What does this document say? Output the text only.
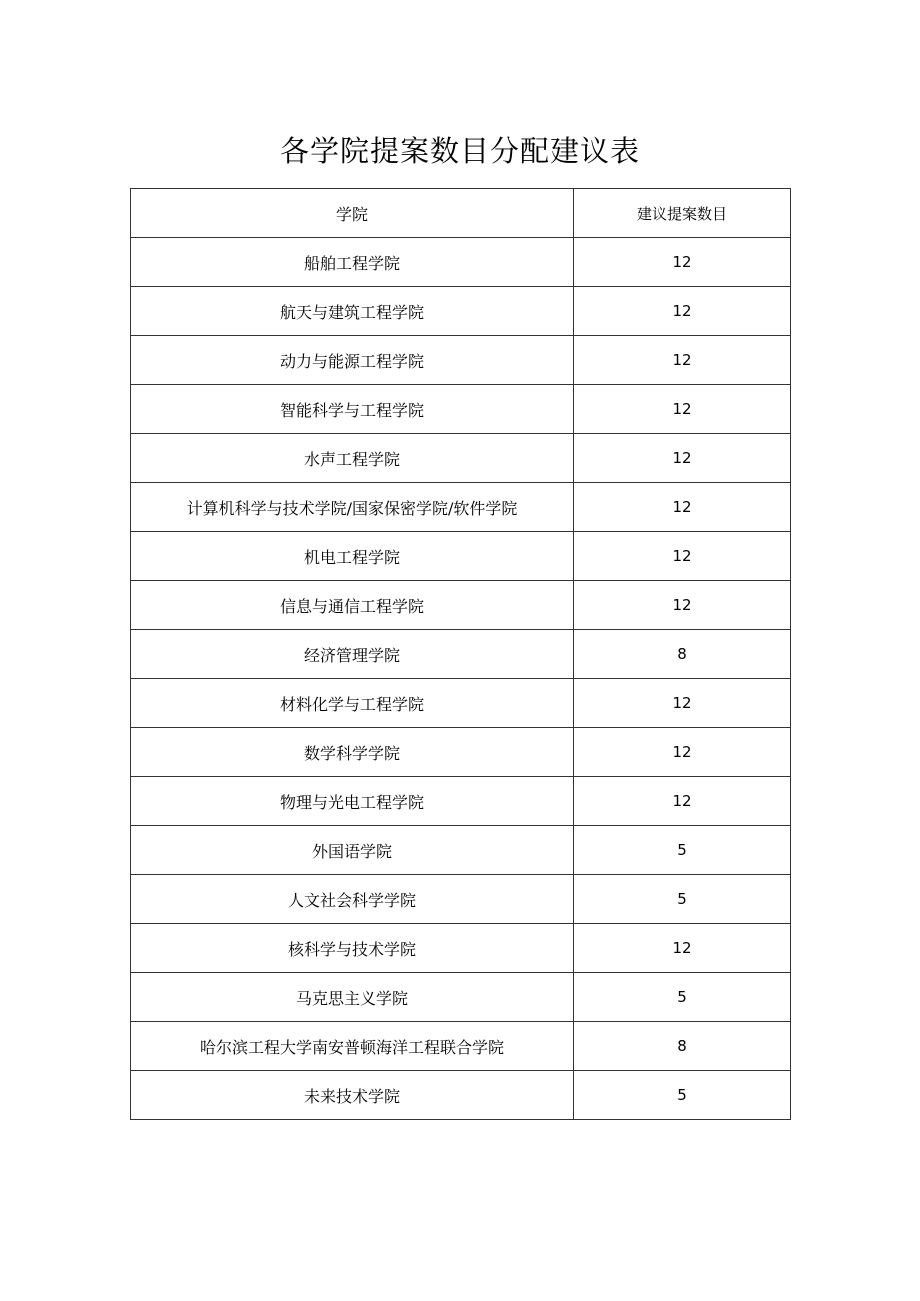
各学院提案数目分配建议表
学院	建议提案数目
船舶工程学院	12
航天与建筑工程学院	12
动力与能源工程学院	12
智能科学与工程学院	12
水声工程学院	12
计算机科学与技术学院/国家保密学院/软件学院	12
机电工程学院	12
信息与通信工程学院	12
经济管理学院	8
材料化学与工程学院	12
数学科学学院	12
物理与光电工程学院	12
外国语学院	5
人文社会科学学院	5
核科学与技术学院	12
马克思主义学院	5
哈尔滨工程大学南安普顿海洋工程联合学院	8
未来技术学院	5
